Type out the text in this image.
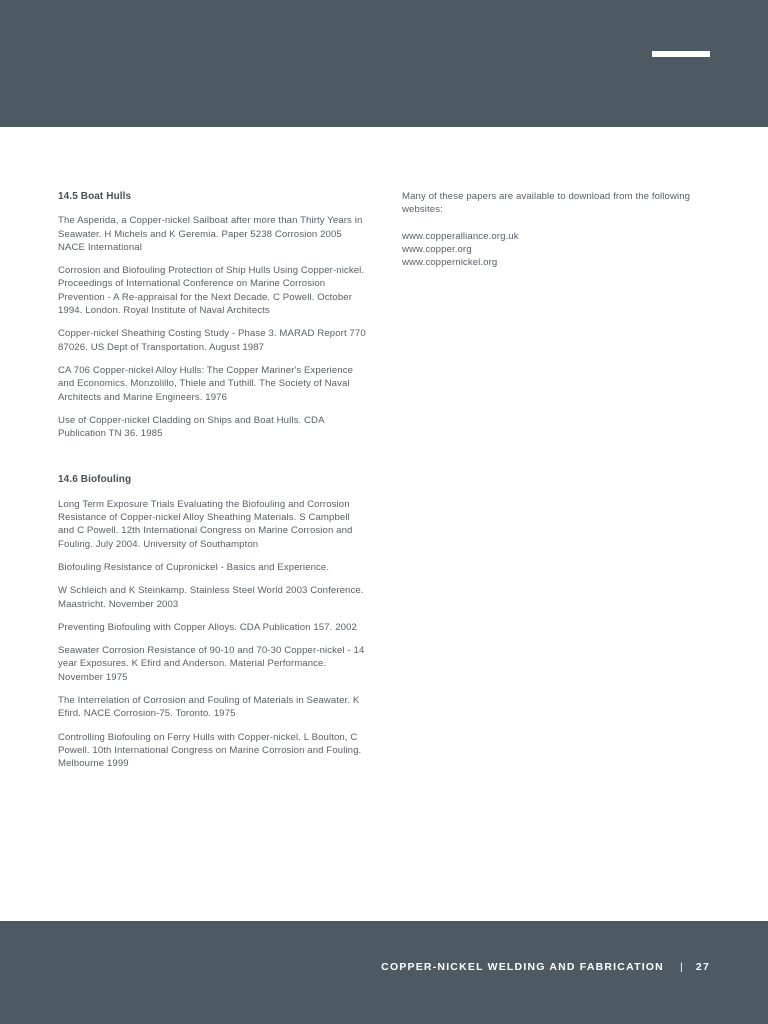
14.5 Boat Hulls

The Asperida, a Copper-nickel Sailboat after more than Thirty Years in Seawater. H Michels and K Geremia. Paper 5238 Corrosion 2005 NACE International

Corrosion and Biofouling Protection of Ship Hulls Using Copper-nickel. Proceedings of International Conference on Marine Corrosion Prevention - A Re-appraisal for the Next Decade. C Powell. October 1994. London. Royal Institute of Naval Architects

Copper-nickel Sheathing Costing Study - Phase 3. MARAD Report 770 87026. US Dept of Transportation. August 1987

CA 706 Copper-nickel Alloy Hulls: The Copper Mariner's Experience and Economics. Monzolillo, Thiele and Tuthill. The Society of Naval Architects and Marine Engineers. 1976

Use of Copper-nickel Cladding on Ships and Boat Hulls. CDA Publication TN 36. 1985

14.6 Biofouling

Long Term Exposure Trials Evaluating the Biofouling and Corrosion Resistance of Copper-nickel Alloy Sheathing Materials. S Campbell and C Powell. 12th International Congress on Marine Corrosion and Fouling. July 2004. University of Southampton

Biofouling Resistance of Cupronickel - Basics and Experience.

W Schleich and K Steinkamp. Stainless Steel World 2003 Conference. Maastricht. November 2003

Preventing Biofouling with Copper Alloys. CDA Publication 157. 2002

Seawater Corrosion Resistance of 90-10 and 70-30 Copper-nickel - 14 year Exposures. K Efird and Anderson. Material Performance. November 1975

The Interrelation of Corrosion and Fouling of Materials in Seawater. K Efird. NACE Corrosion-75. Toronto. 1975

Controlling Biofouling on Ferry Hulls with Copper-nickel. L Boulton, C Powell. 10th International Congress on Marine Corrosion and Fouling. Melbourne 1999

Many of these papers are available to download from the following websites:

www.copperalliance.org.uk
www.copper.org
www.coppernickel.org
COPPER-NICKEL WELDING AND FABRICATION | 27
